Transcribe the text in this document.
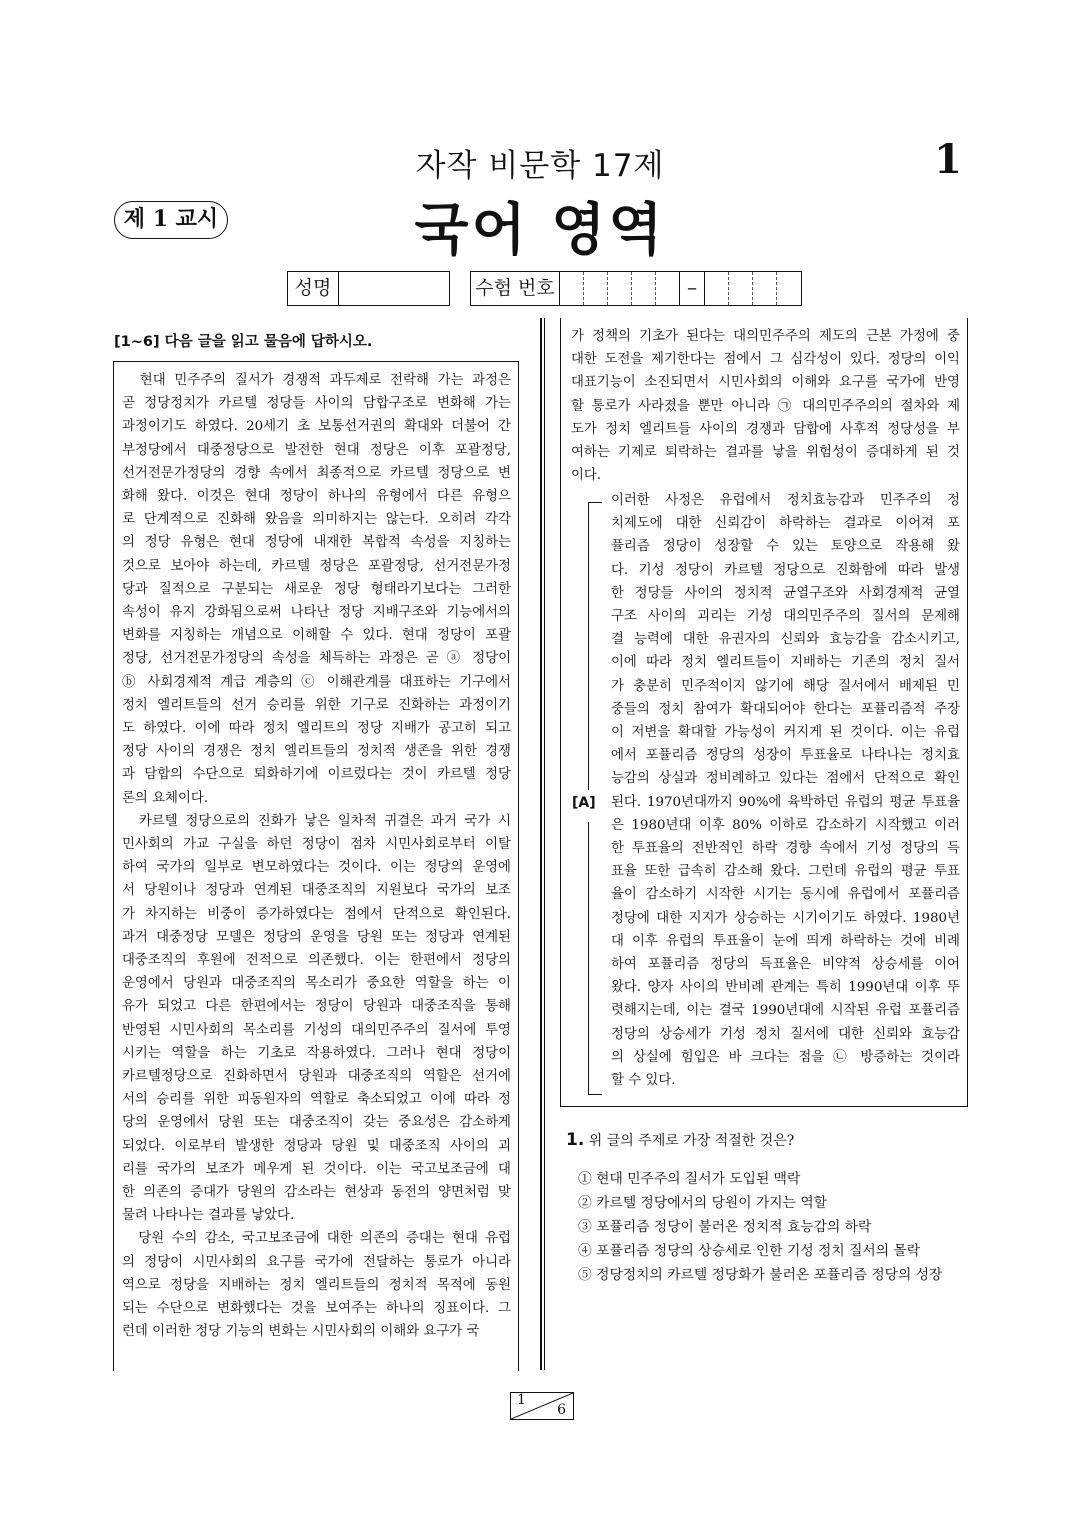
자작 비문학 17제	1
국어 영역
제 1 교시
성명	수험 번호	–
[1~6] 다음 글을 읽고 물음에 답하시오.
　현대 민주주의 질서가 경쟁적 과두제로 전락해 가는 과정은
곧 정당정치가 카르텔 정당들 사이의 담합구조로 변화해 가는
과정이기도 하였다. 20세기 초 보통선거권의 확대와 더불어 간
부정당에서 대중정당으로 발전한 현대 정당은 이후 포괄정당,
선거전문가정당의 경향 속에서 최종적으로 카르텔 정당으로 변
화해 왔다. 이것은 현대 정당이 하나의 유형에서 다른 유형으
로 단계적으로 진화해 왔음을 의미하지는 않는다. 오히려 각각
의 정당 유형은 현대 정당에 내재한 복합적 속성을 지칭하는
것으로 보아야 하는데, 카르텔 정당은 포괄정당, 선거전문가정
당과 질적으로 구분되는 새로운 정당 형태라기보다는 그러한
속성이 유지 강화됨으로써 나타난 정당 지배구조와 기능에서의
변화를 지칭하는 개념으로 이해할 수 있다. 현대 정당이 포괄
정당, 선거전문가정당의 속성을 체득하는 과정은 곧 ⓐ 정당이
ⓑ 사회경제적 계급 계층의 ⓒ 이해관계를 대표하는 기구에서
정치 엘리트들의 선거 승리를 위한 기구로 진화하는 과정이기
도 하였다. 이에 따라 정치 엘리트의 정당 지배가 공고히 되고
정당 사이의 경쟁은 정치 엘리트들의 정치적 생존을 위한 경쟁
과 담합의 수단으로 퇴화하기에 이르렀다는 것이 카르텔 정당
론의 요체이다.
　카르텔 정당으로의 진화가 낳은 일차적 귀결은 과거 국가 시
민사회의 가교 구실을 하던 정당이 점차 시민사회로부터 이탈
하여 국가의 일부로 변모하였다는 것이다. 이는 정당의 운영에
서 당원이나 정당과 연계된 대중조직의 지원보다 국가의 보조
가 차지하는 비중이 증가하였다는 점에서 단적으로 확인된다.
과거 대중정당 모델은 정당의 운영을 당원 또는 정당과 연계된
대중조직의 후원에 전적으로 의존했다. 이는 한편에서 정당의
운영에서 당원과 대중조직의 목소리가 중요한 역할을 하는 이
유가 되었고 다른 한편에서는 정당이 당원과 대중조직을 통해
반영된 시민사회의 목소리를 기성의 대의민주주의 질서에 투영
시키는 역할을 하는 기초로 작용하였다. 그러나 현대 정당이
카르텔정당으로 진화하면서 당원과 대중조직의 역할은 선거에
서의 승리를 위한 피동원자의 역할로 축소되었고 이에 따라 정
당의 운영에서 당원 또는 대중조직이 갖는 중요성은 감소하게
되었다. 이로부터 발생한 정당과 당원 및 대중조직 사이의 괴
리를 국가의 보조가 메우게 된 것이다. 이는 국고보조금에 대
한 의존의 증대가 당원의 감소라는 현상과 동전의 양면처럼 맞
물려 나타나는 결과를 낳았다.
　당원 수의 감소, 국고보조금에 대한 의존의 증대는 현대 유럽
의 정당이 시민사회의 요구를 국가에 전달하는 통로가 아니라
역으로 정당을 지배하는 정치 엘리트들의 정치적 목적에 동원
되는 수단으로 변화했다는 것을 보여주는 하나의 징표이다. 그
런데 이러한 정당 기능의 변화는 시민사회의 이해와 요구가 국
가 정책의 기초가 된다는 대의민주주의 제도의 근본 가정에 중
대한 도전을 제기한다는 점에서 그 심각성이 있다. 정당의 이익
대표기능이 소진되면서 시민사회의 이해와 요구를 국가에 반영
할 통로가 사라졌을 뿐만 아니라 ㉠ 대의민주주의의 절차와 제
도가 정치 엘리트들 사이의 경쟁과 담합에 사후적 정당성을 부
여하는 기제로 퇴락하는 결과를 낳을 위험성이 증대하게 된 것
이다.
[A]
이러한 사정은 유럽에서 정치효능감과 민주주의 정
치제도에 대한 신뢰감이 하락하는 결과로 이어져 포
퓰리즘 정당이 성장할 수 있는 토양으로 작용해 왔
다. 기성 정당이 카르텔 정당으로 진화함에 따라 발생
한 정당들 사이의 정치적 균열구조와 사회경제적 균열
구조 사이의 괴리는 기성 대의민주주의 질서의 문제해
결 능력에 대한 유권자의 신뢰와 효능감을 감소시키고,
이에 따라 정치 엘리트들이 지배하는 기존의 정치 질서
가 충분히 민주적이지 않기에 해당 질서에서 배제된 민
중들의 정치 참여가 확대되어야 한다는 포퓰리즘적 주장
이 저변을 확대할 가능성이 커지게 된 것이다. 이는 유럽
에서 포퓰리즘 정당의 성장이 투표율로 나타나는 정치효
능감의 상실과 정비례하고 있다는 점에서 단적으로 확인
된다. 1970년대까지 90%에 육박하던 유럽의 평균 투표율
은 1980년대 이후 80% 이하로 감소하기 시작했고 이러
한 투표율의 전반적인 하락 경향 속에서 기성 정당의 득
표율 또한 급속히 감소해 왔다. 그런데 유럽의 평균 투표
율이 감소하기 시작한 시기는 동시에 유럽에서 포퓰리즘
정당에 대한 지지가 상승하는 시기이기도 하였다. 1980년
대 이후 유럽의 투표율이 눈에 띄게 하락하는 것에 비례
하여 포퓰리즘 정당의 득표율은 비약적 상승세를 이어
왔다. 양자 사이의 반비례 관계는 특히 1990년대 이후 뚜
렷해지는데, 이는 결국 1990년대에 시작된 유럽 포퓰리즘
정당의 상승세가 기성 정치 질서에 대한 신뢰와 효능감
의 상실에 힘입은 바 크다는 점을 ㉡ 방증하는 것이라
할 수 있다.
1. 위 글의 주제로 가장 적절한 것은?
① 현대 민주주의 질서가 도입된 맥락
② 카르텔 정당에서의 당원이 가지는 역할
③ 포퓰리즘 정당이 불러온 정치적 효능감의 하락
④ 포퓰리즘 정당의 상승세로 인한 기성 정치 질서의 몰락
⑤ 정당정치의 카르텔 정당화가 불러온 포퓰리즘 정당의 성장
1
6
